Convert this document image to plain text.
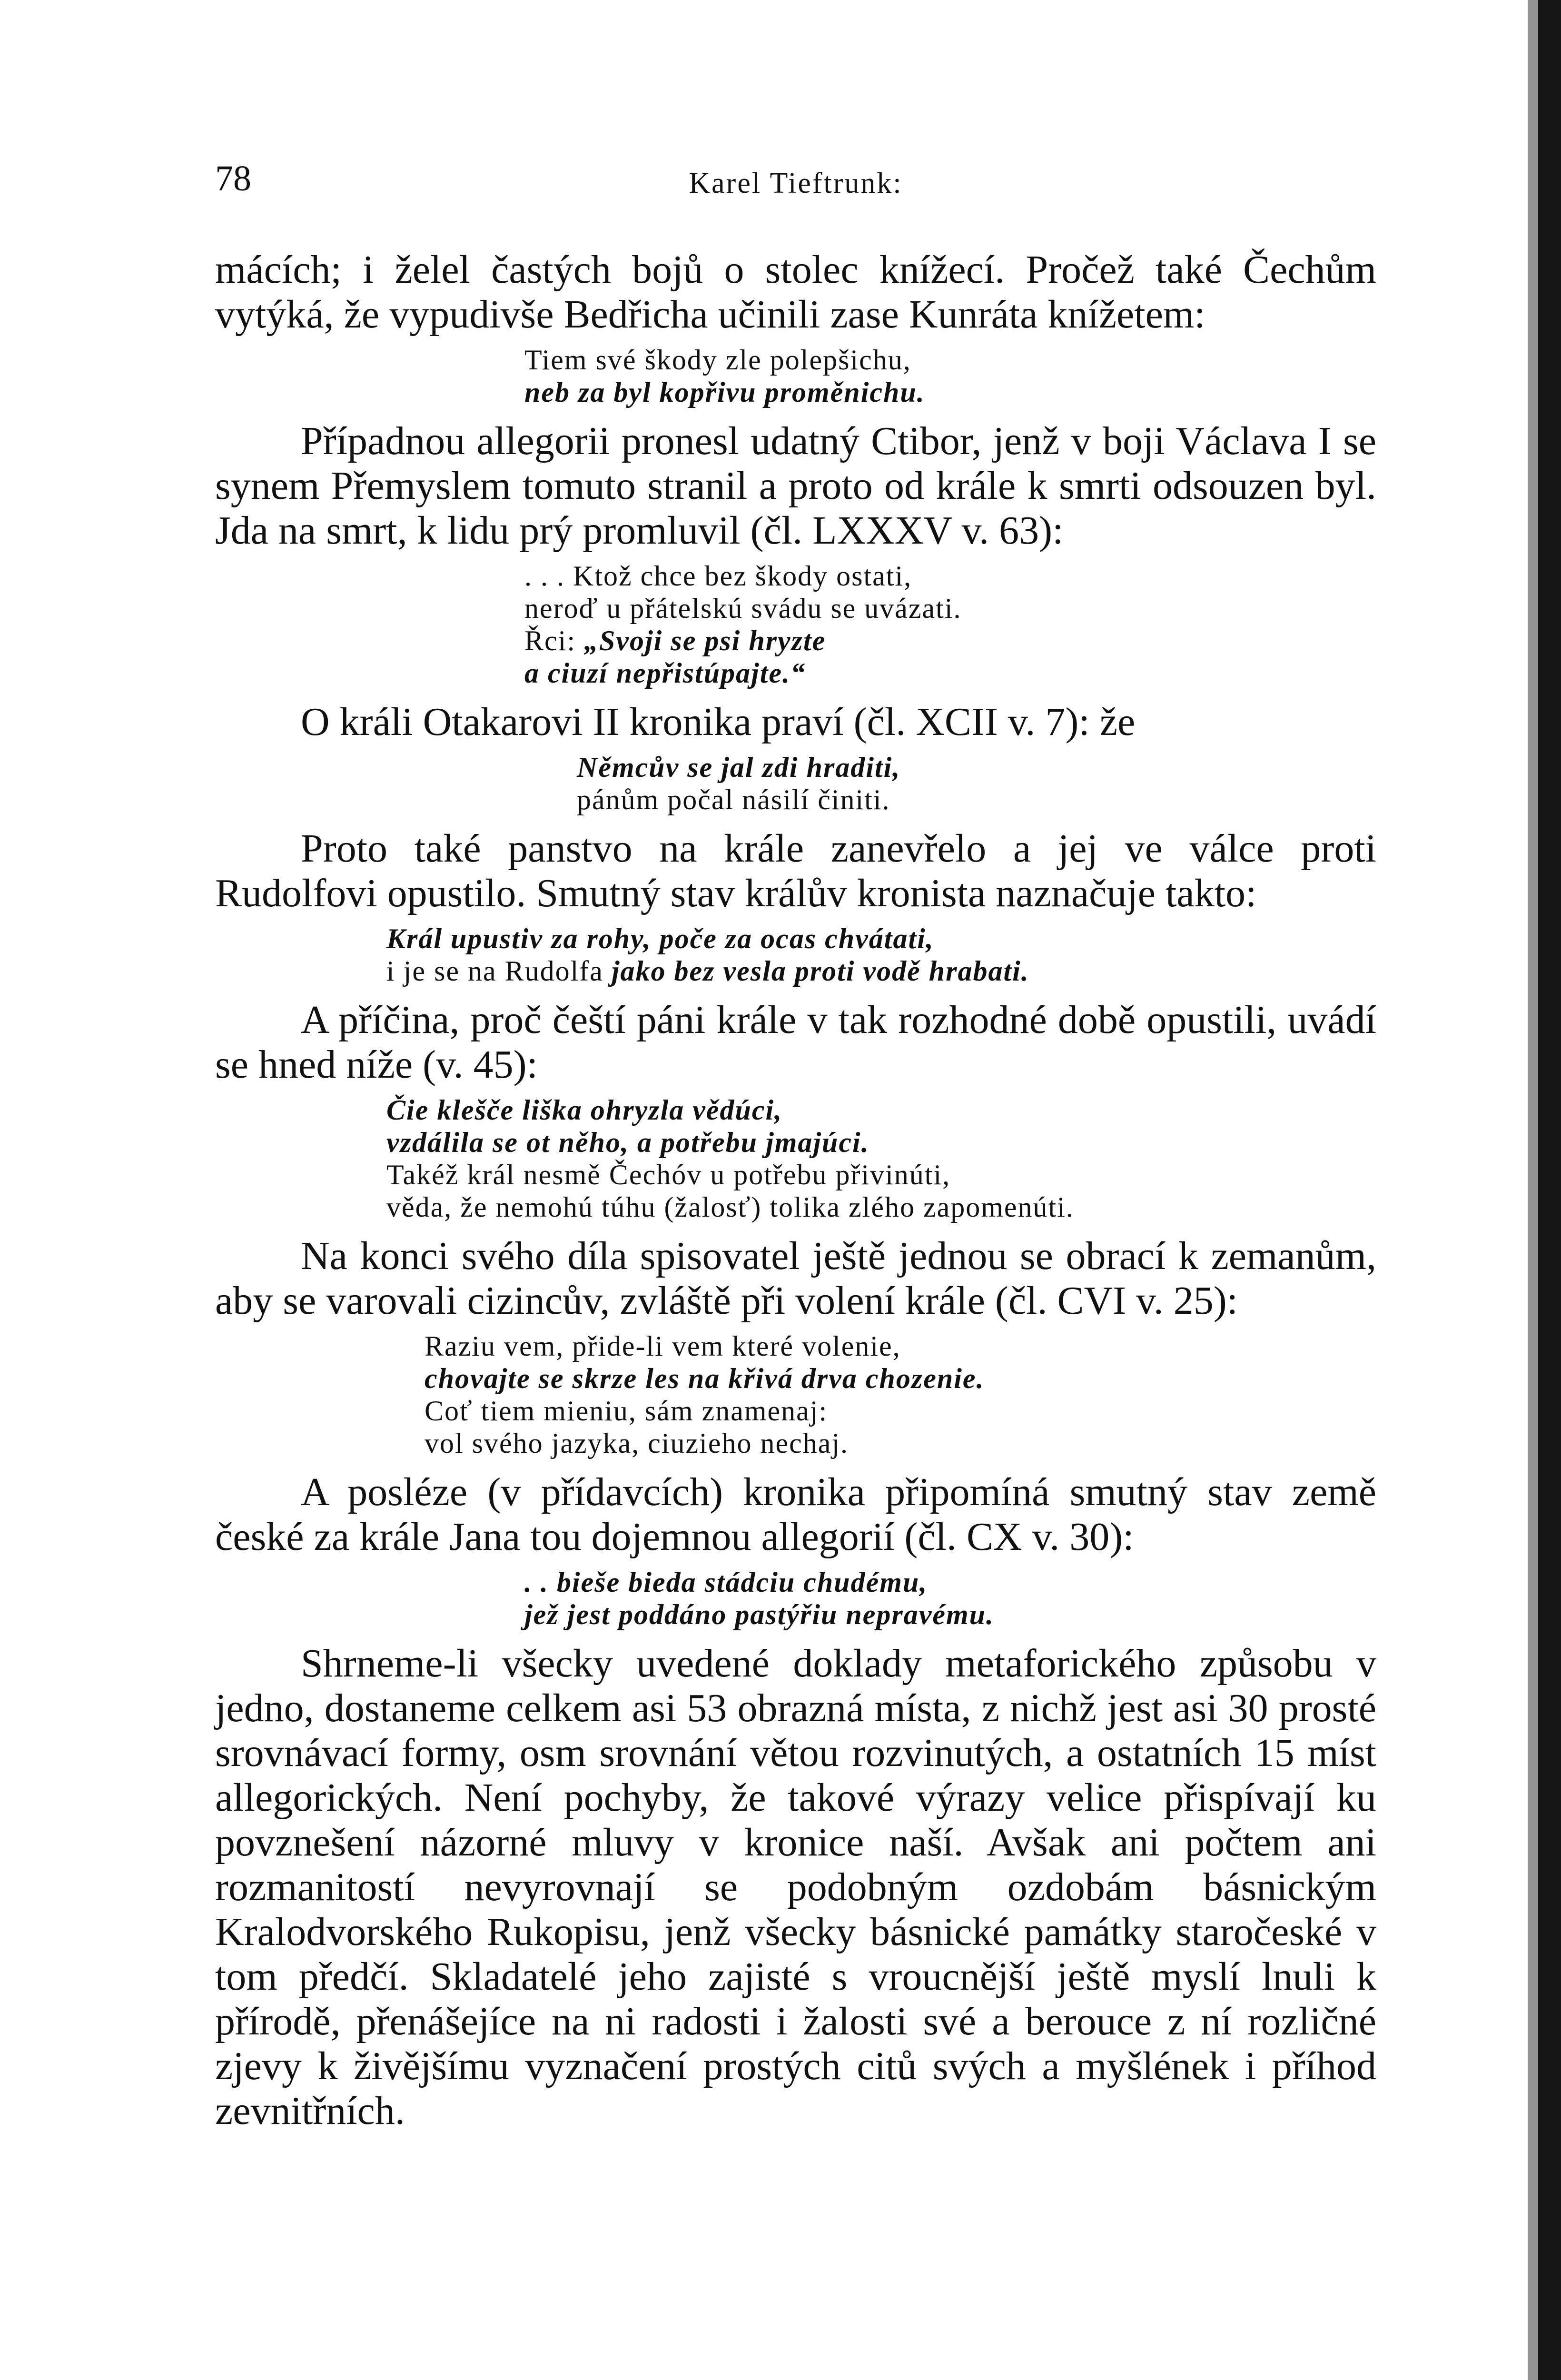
78	Karel Tieftrunk:

mácích; i želel častých bojů o stolec knížecí. Pročež také Čechům vytýká, že vypudivše Bedřicha učinili zase Kunráta knížetem:

Tiem své škody zle polepšichu,
neb za byl kopřivu proměnichu.

Případnou allegorii pronesl udatný Ctibor, jenž v boji Václava I se synem Přemyslem tomuto stranil a proto od krále k smrti odsouzen byl. Jda na smrt, k lidu prý promluvil (čl. LXXXV v. 63):

. . . Ktož chce bez škody ostati,
neroď u přátelskú svádu se uvázati.
Řci: „Svoji se psi hryzte
a ciuzí nepřistúpajte.“

O králi Otakarovi II kronika praví (čl. XCII v. 7): že

Němcův se jal zdi hraditi,
pánům počal násilí činiti.

Proto také panstvo na krále zanevřelo a jej ve válce proti Rudolfovi opustilo. Smutný stav králův kronista naznačuje takto:

Král upustiv za rohy, poče za ocas chvátati,
i je se na Rudolfa jako bez vesla proti vodě hrabati.

A příčina, proč čeští páni krále v tak rozhodné době opustili, uvádí se hned níže (v. 45):

Čie klešče liška ohryzla vědúci,
vzdálila se ot něho, a potřebu jmajúci.
Takéž král nesmě Čechóv u potřebu přivinúti,
věda, že nemohú túhu (žalosť) tolika zlého zapomenúti.

Na konci svého díla spisovatel ještě jednou se obrací k zemanům, aby se varovali cizincův, zvláště při volení krále (čl. CVI v. 25):

Raziu vem, přide-li vem které volenie,
chovajte se skrze les na křivá drva chozenie.
Coť tiem mieniu, sám znamenaj:
vol svého jazyka, ciuzieho nechaj.

A posléze (v přídavcích) kronika připomíná smutný stav země české za krále Jana tou dojemnou allegorií (čl. CX v. 30):

. . bieše bieda stádciu chudému,
jež jest poddáno pastýřiu nepravému.

Shrneme-li všecky uvedené doklady metaforického způsobu v jedno, dostaneme celkem asi 53 obrazná místa, z nichž jest asi 30 prosté srovnávací formy, osm srovnání větou rozvinutých, a ostatních 15 míst allegorických. Není pochyby, že takové výrazy velice přispívají ku povznešení názorné mluvy v kronice naší. Avšak ani počtem ani rozmanitostí nevyrovnají se podobným ozdobám básnickým Kralodvorského Rukopisu, jenž všecky básnické památky staročeské v tom předčí. Skladatelé jeho zajisté s vroucnější ještě myslí lnuli k přírodě, přenášejíce na ni radosti i žalosti své a berouce z ní rozličné zjevy k živějšímu vyznačení prostých citů svých a myšlének i příhod zevnitřních.
